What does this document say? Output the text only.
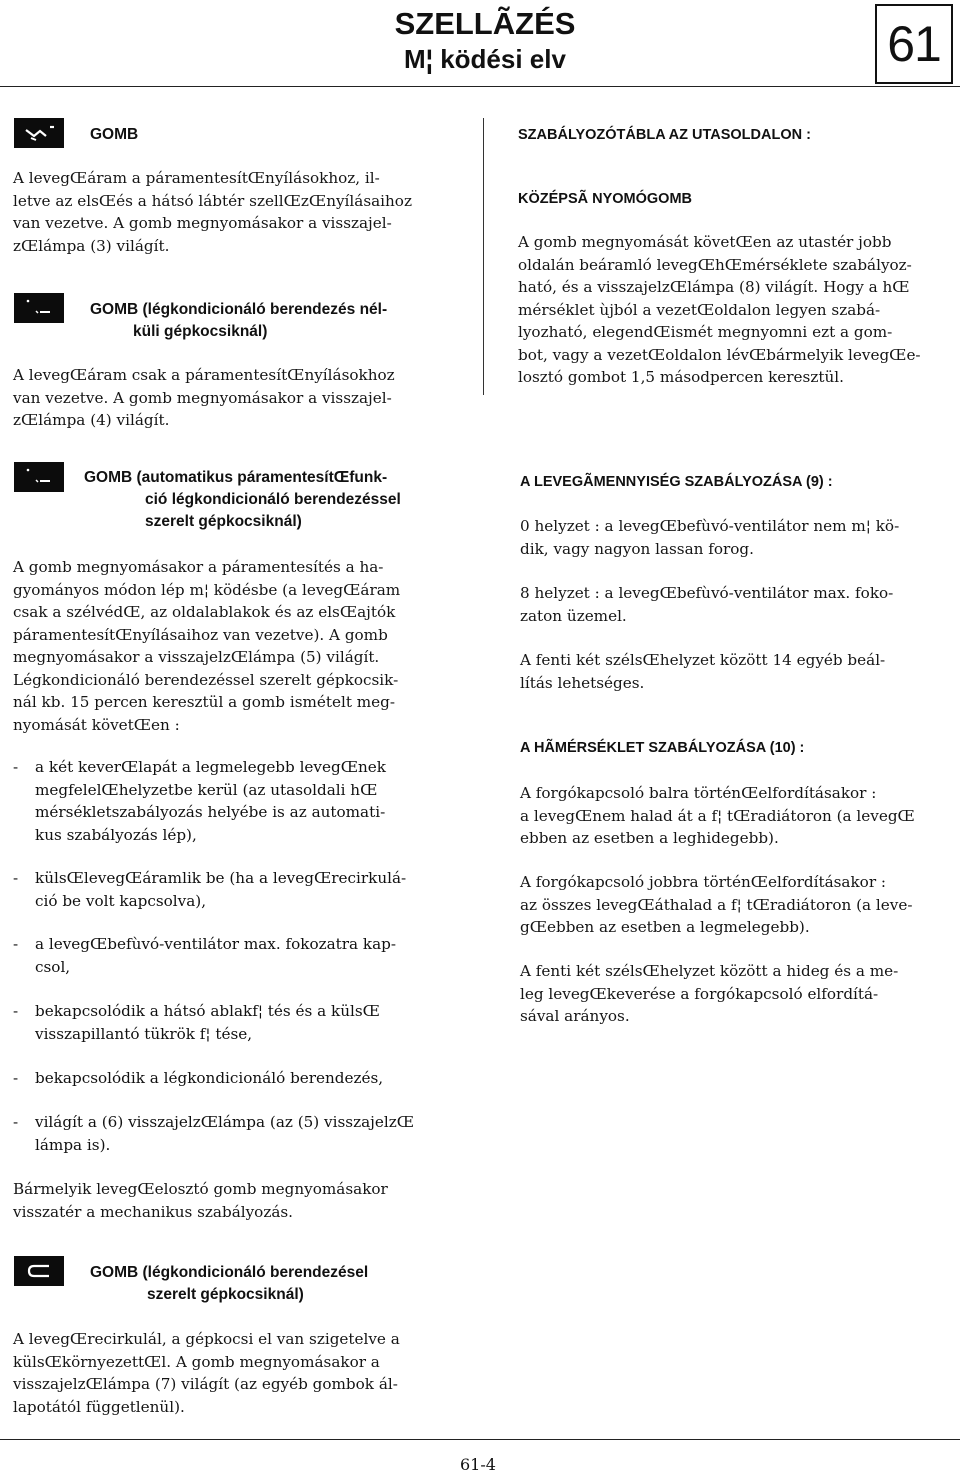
SZELLÃZÉS
M¦ ködési elv	61
GOMB
A levegŒáram a páramentesítŒnyílásokhoz, il-
letve az elsŒés a hátsó lábtér szellŒzŒnyílásaihoz
van vezetve. A gomb megnyomásakor a visszajel-
zŒlámpa (3) világít.
GOMB (légkondicionáló berendezés nél-
küli gépkocsiknál)
A levegŒáram csak a páramentesítŒnyílásokhoz
van vezetve. A gomb megnyomásakor a visszajel-
zŒlámpa (4) világít.
GOMB (automatikus páramentesítŒfunk-
ció légkondicionáló berendezéssel
szerelt gépkocsiknál)
A gomb megnyomásakor a páramentesítés a ha-
gyományos módon lép m¦ ködésbe (a levegŒáram
csak a szélvédŒ, az oldalablakok és az elsŒajtók
páramentesítŒnyílásaihoz van vezetve). A gomb
megnyomásakor a visszajelzŒlámpa (5) világít.
Légkondicionáló berendezéssel szerelt gépkocsik-
nál kb. 15 percen keresztül a gomb ismételt meg-
nyomását követŒen :
- a két keverŒlapát a legmelegebb levegŒnek
megfelelŒhelyzetbe kerül (az utasoldali hŒ
mérsékletszabályozás helyébe is az automati-
kus szabályozás lép),
- külsŒlevegŒáramlik be (ha a levegŒrecirkulá-
ció be volt kapcsolva),
- a levegŒbefùvó-ventilátor max. fokozatra kap-
csol,
- bekapcsolódik a hátsó ablakf¦ tés és a külsŒ
visszapillantó tükrök f¦ tése,
- bekapcsolódik a légkondicionáló berendezés,
- világít a (6) visszajelzŒlámpa (az (5) visszajelzŒ
lámpa is).
Bármelyik levegŒelosztó gomb megnyomásakor
visszatér a mechanikus szabályozás.
GOMB (légkondicionáló berendezésel
szerelt gépkocsiknál)
A levegŒrecirkulál, a gépkocsi el van szigetelve a
külsŒkörnyezettŒl. A gomb megnyomásakor a
visszajelzŒlámpa (7) világít (az egyéb gombok ál-
lapotától függetlenül).
SZABÁLYOZÓTÁBLA AZ UTASOLDALON :
KÖZÉPSÃ NYOMÓGOMB
A gomb megnyomását követŒen az utastér jobb
oldalán beáramló levegŒhŒmérséklete szabályoz-
ható, és a visszajelzŒlámpa (8) világít. Hogy a hŒ
mérséklet ùjból a vezetŒoldalon legyen szabá-
lyozható, elegendŒismét megnyomni ezt a gom-
bot, vagy a vezetŒoldalon lévŒbármelyik levegŒe-
losztó gombot 1,5 másodpercen keresztül.
A LEVEGÃMENNYISÉG SZABÁLYOZÁSA (9) :
0 helyzet : a levegŒbefùvó-ventilátor nem m¦ kö-
dik, vagy nagyon lassan forog.
8 helyzet : a levegŒbefùvó-ventilátor max. foko-
zaton üzemel.
A fenti két szélsŒhelyzet között 14 egyéb beál-
lítás lehetséges.
A HÃMÉRSÉKLET SZABÁLYOZÁSA (10) :
A forgókapcsoló balra történŒelfordításakor :
a levegŒnem halad át a f¦ tŒradiátoron (a levegŒ
ebben az esetben a leghidegebb).
A forgókapcsoló jobbra történŒelfordításakor :
az összes levegŒáthalad a f¦ tŒradiátoron (a leve-
gŒebben az esetben a legmelegebb).
A fenti két szélsŒhelyzet között a hideg és a me-
leg levegŒkeverése a forgókapcsoló elfordítá-
sával arányos.
61-4
